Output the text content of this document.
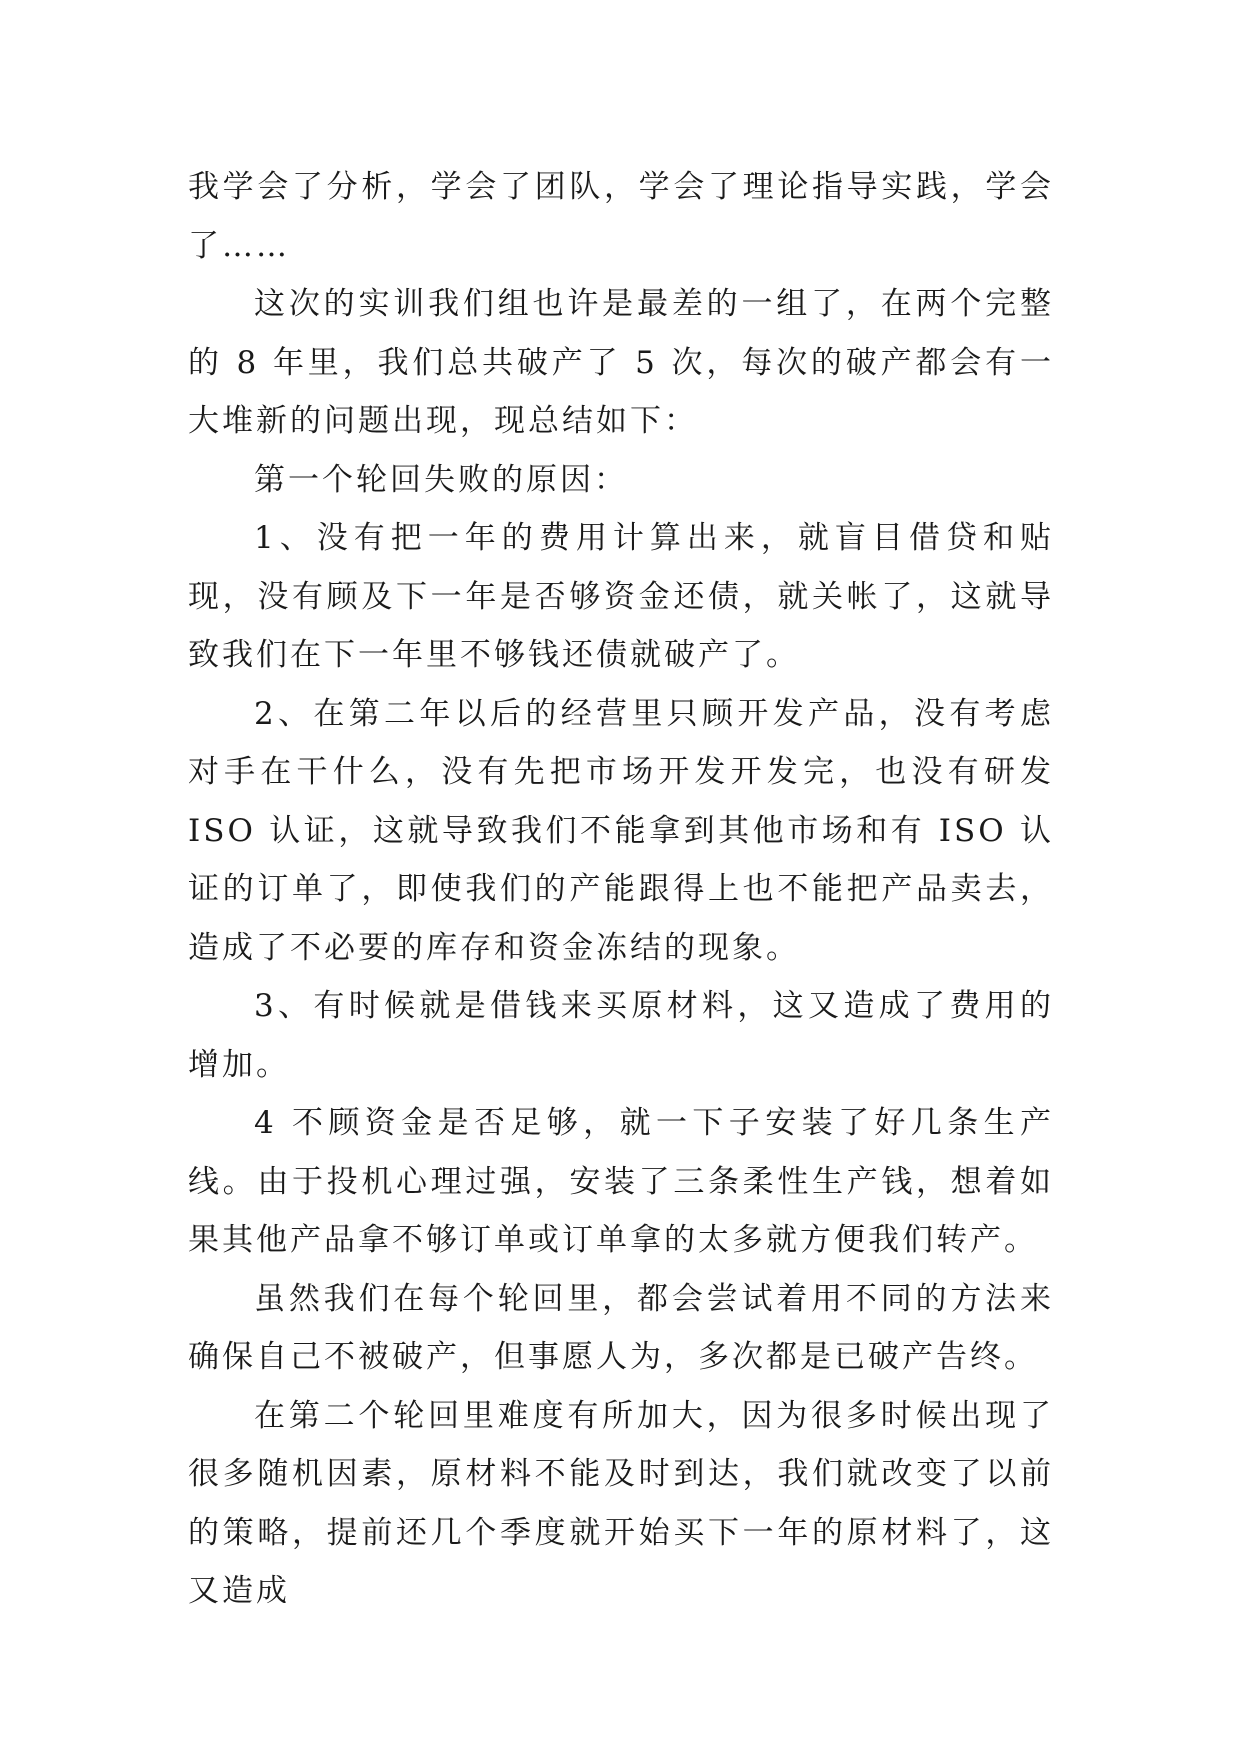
我学会了分析，学会了团队，学会了理论指导实践，学会了……

这次的实训我们组也许是最差的一组了，在两个完整的 8 年里，我们总共破产了 5 次，每次的破产都会有一大堆新的问题出现，现总结如下：

第一个轮回失败的原因：

1、没有把一年的费用计算出来，就盲目借贷和贴现，没有顾及下一年是否够资金还债，就关帐了，这就导致我们在下一年里不够钱还债就破产了。

2、在第二年以后的经营里只顾开发产品，没有考虑对手在干什么，没有先把市场开发开发完，也没有研发 ISO 认证，这就导致我们不能拿到其他市场和有 ISO 认证的订单了，即使我们的产能跟得上也不能把产品卖去，造成了不必要的库存和资金冻结的现象。

3、有时候就是借钱来买原材料，这又造成了费用的增加。

4 不顾资金是否足够，就一下子安装了好几条生产线。由于投机心理过强，安装了三条柔性生产钱，想着如果其他产品拿不够订单或订单拿的太多就方便我们转产。

虽然我们在每个轮回里，都会尝试着用不同的方法来确保自己不被破产，但事愿人为，多次都是已破产告终。

在第二个轮回里难度有所加大，因为很多时候出现了很多随机因素，原材料不能及时到达，我们就改变了以前的策略，提前还几个季度就开始买下一年的原材料了，这又造成
